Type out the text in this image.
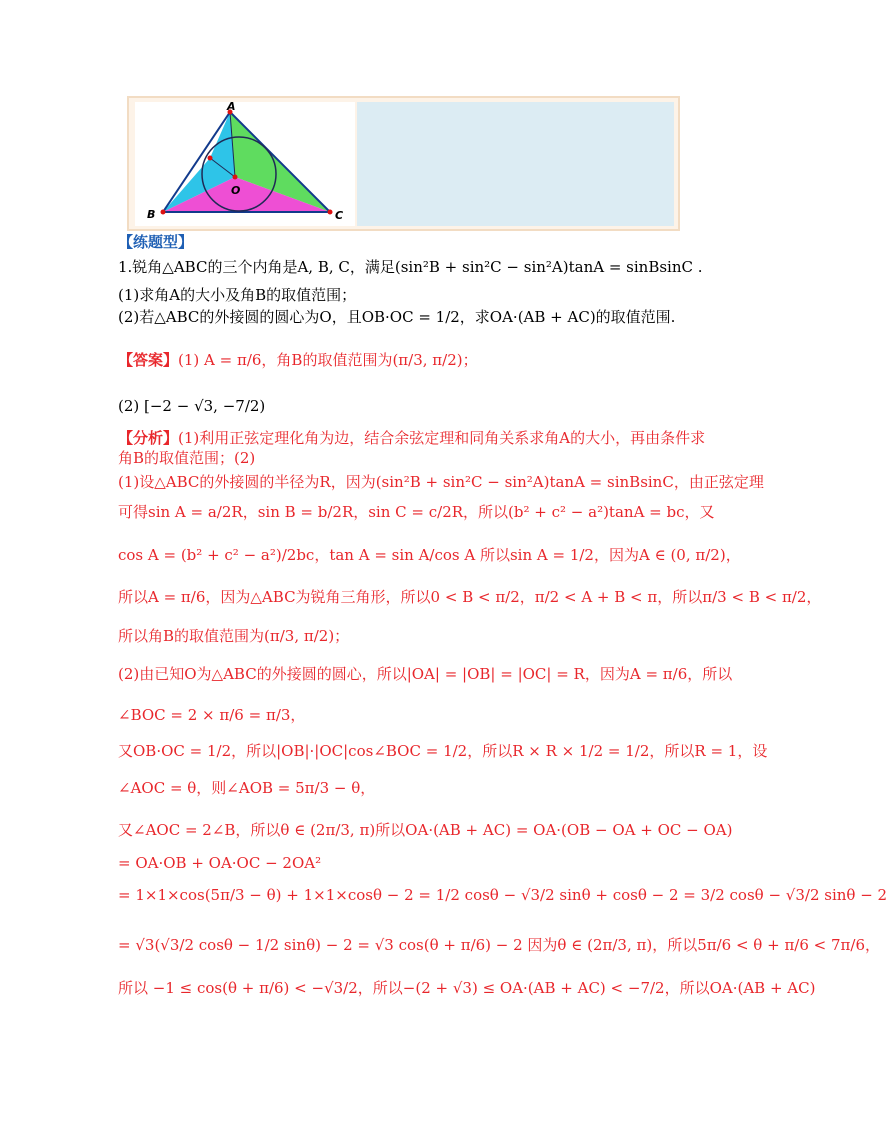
A
B	C
O
【练题型】
1.锐角△ABC的三个内角是A, B, C，满足(sin²B + sin²C − sin²A)tanA = sinBsinC .
(1)求角A的大小及角B的取值范围；
(2)若△ABC的外接圆的圆心为O，且OB·OC = 1/2，求OA·(AB + AC)的取值范围.
【答案】(1) A = π/6，角B的取值范围为(π/3, π/2)；
(2) [−2 − √3, −7/2)
【分析】(1)利用正弦定理化角为边，结合余弦定理和同角关系求角A的大小，再由条件求
角B的取值范围；(2)
(1)设△ABC的外接圆的半径为R，因为(sin²B + sin²C − sin²A)tanA = sinBsinC，由正弦定理
可得sin A = a/2R，sin B = b/2R，sin C = c/2R，所以(b² + c² − a²)tanA = bc，又
cos A = (b² + c² − a²)/2bc，tan A = sin A/cos A 所以sin A = 1/2，因为A ∈ (0, π/2)，
所以A = π/6，因为△ABC为锐角三角形，所以0 < B < π/2，π/2 < A + B < π，所以π/3 < B < π/2，
所以角B的取值范围为(π/3, π/2)；
(2)由已知O为△ABC的外接圆的圆心，所以|OA| = |OB| = |OC| = R，因为A = π/6，所以
∠BOC = 2 × π/6 = π/3，
又OB·OC = 1/2，所以|OB|·|OC|cos∠BOC = 1/2，所以R × R × 1/2 = 1/2，所以R = 1，设
∠AOC = θ，则∠AOB = 5π/3 − θ，
又∠AOC = 2∠B，所以θ ∈ (2π/3, π)所以OA·(AB + AC) = OA·(OB − OA + OC − OA)
= OA·OB + OA·OC − 2OA²
= 1×1×cos(5π/3 − θ) + 1×1×cosθ − 2 = 1/2 cosθ − √3/2 sinθ + cosθ − 2 = 3/2 cosθ − √3/2 sinθ − 2
= √3(√3/2 cosθ − 1/2 sinθ) − 2 = √3 cos(θ + π/6) − 2 因为θ ∈ (2π/3, π)，所以5π/6 < θ + π/6 < 7π/6，
所以 −1 ≤ cos(θ + π/6) < −√3/2，所以−(2 + √3) ≤ OA·(AB + AC) < −7/2，所以OA·(AB + AC)
